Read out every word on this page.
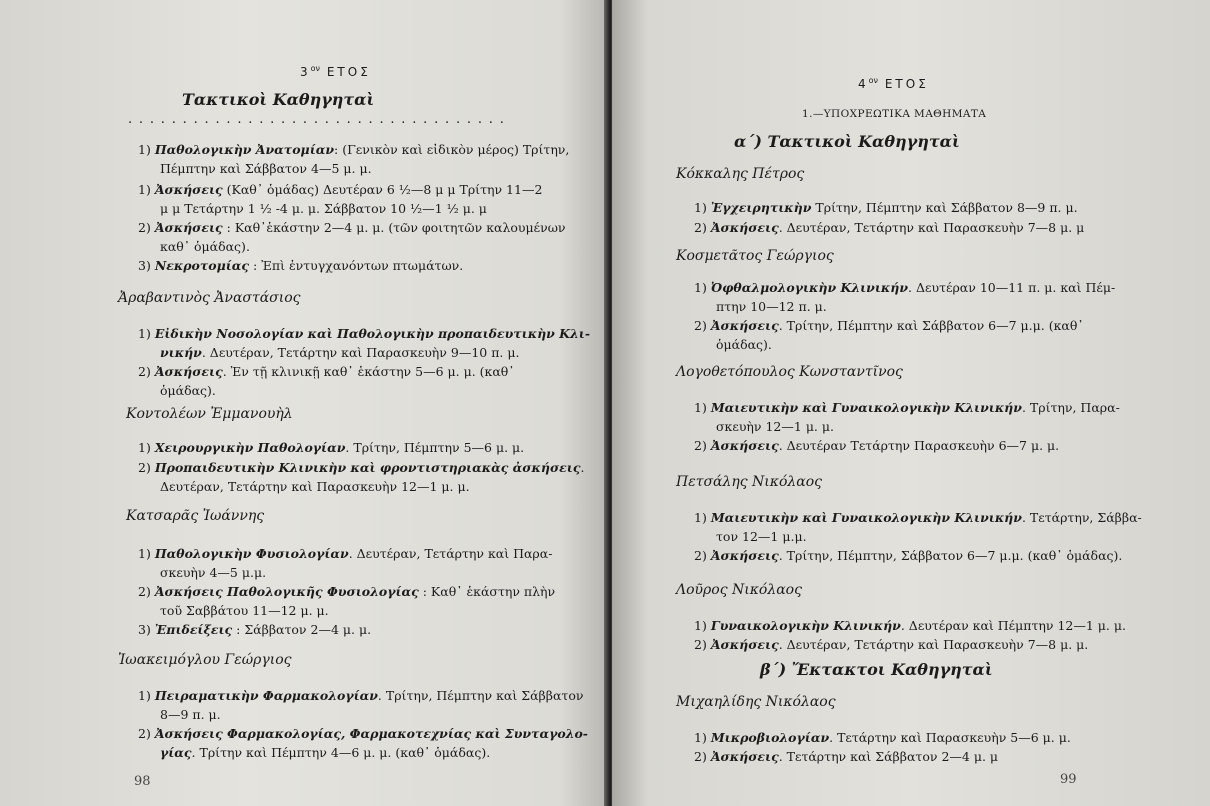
$3^{o\nu}$ ΕΤΟΣ
Τακτικοὶ Καθηγηταὶ
...................................
1) Παθολογικὴν Ἀνατομίαν: (Γενικὸν καὶ εἰδικὸν μέρος) Τρίτην,
Πέμπτην καὶ Σάββατον 4—5 μ. μ.
1) Ἀσκήσεις (Καθ᾽ ὁμάδας) Δευτέραν 6 ½—8 μ μ Τρίτην 11—2
μ μ Τετάρτην 1 ½ -4 μ. μ. Σάββατον 10 ½—1 ½ μ. μ
2) Ἀσκήσεις : Καθ᾽ἑκάστην 2—4 μ. μ. (τῶν φοιτητῶν καλουμένων
καθ᾽ ὁμάδας).
3) Νεκροτομίας : Ἐπὶ ἐντυγχανόντων πτωμάτων.
Ἀραβαντινὸς Ἀναστάσιος
1) Εἰδικὴν Νοσολογίαν καὶ Παθολογικὴν προπαιδευτικὴν Κλι-
νικήν. Δευτέραν, Τετάρτην καὶ Παρασκευὴν 9—10 π. μ.
2) Ἀσκήσεις. Ἐν τῇ κλινικῇ καθ᾽ ἑκάστην 5—6 μ. μ. (καθ᾽
ὁμάδας).
Κοντολέων Ἐμμανουὴλ
1) Χειρουργικὴν Παθολογίαν. Τρίτην, Πέμπτην 5—6 μ. μ.
2) Προπαιδευτικὴν Κλινικὴν καὶ φροντιστηριακὰς ἀσκήσεις.
Δευτέραν, Τετάρτην καὶ Παρασκευὴν 12—1 μ. μ.
Κατσαρᾶς Ἰωάννης
1) Παθολογικὴν Φυσιολογίαν. Δευτέραν, Τετάρτην καὶ Παρα-
σκευὴν 4—5 μ.μ.
2) Ἀσκήσεις Παθολογικῆς Φυσιολογίας : Καθ᾽ ἑκάστην πλὴν
τοῦ Σαββάτου 11—12 μ. μ.
3) Ἐπιδείξεις : Σάββατον 2—4 μ. μ.
Ἰωακειμόγλου Γεώργιος
1) Πειραματικὴν Φαρμακολογίαν. Τρίτην, Πέμπτην καὶ Σάββατον
8—9 π. μ.
2) Ἀσκήσεις Φαρμακολογίας, Φαρμακοτεχνίας καὶ Συνταγολο-
γίας. Τρίτην καὶ Πέμπτην 4—6 μ. μ. (καθ᾽ ὁμάδας).
98
$4^{o\nu}$ ΕΤΟΣ
1.—ΥΠΟΧΡΕΩΤΙΚΑ ΜΑΘΗΜΑΤΑ
α΄) Τακτικοὶ Καθηγηταὶ
Κόκκαλης Πέτρος
1) Ἐγχειρητικὴν Τρίτην, Πέμπτην καὶ Σάββατον 8—9 π. μ.
2) Ἀσκήσεις. Δευτέραν, Τετάρτην καὶ Παρασκευὴν 7—8 μ. μ
Κοσμετᾶτος Γεώργιος
1) Ὀφθαλμολογικὴν Κλινικήν. Δευτέραν 10—11 π. μ. καὶ Πέμ-
πτην 10—12 π. μ.
2) Ἀσκήσεις. Τρίτην, Πέμπτην καὶ Σάββατον 6—7 μ.μ. (καθ᾽
ὁμάδας).
Λογοθετόπουλος Κωνσταντῖνος
1) Μαιευτικὴν καὶ Γυναικολογικὴν Κλινικήν. Τρίτην, Παρα-
σκευὴν 12—1 μ. μ.
2) Ἀσκήσεις. Δευτέραν Τετάρτην Παρασκευὴν 6—7 μ. μ.
Πετσάλης Νικόλαος
1) Μαιευτικὴν καὶ Γυναικολογικὴν Κλινικήν. Τετάρτην, Σάββα-
τον 12—1 μ.μ.
2) Ἀσκήσεις. Τρίτην, Πέμπτην, Σάββατον 6—7 μ.μ. (καθ᾽ ὁμάδας).
Λοῦρος Νικόλαος
1) Γυναικολογικὴν Κλινικήν. Δευτέραν καὶ Πέμπτην 12—1 μ. μ.
2) Ἀσκήσεις. Δευτέραν, Τετάρτην καὶ Παρασκευὴν 7—8 μ. μ.
β΄) Ἔκτακτοι Καθηγηταὶ
Μιχαηλίδης Νικόλαος
1) Μικροβιολογίαν. Τετάρτην καὶ Παρασκευὴν 5—6 μ. μ.
2) Ἀσκήσεις. Τετάρτην καὶ Σάββατον 2—4 μ. μ
99
